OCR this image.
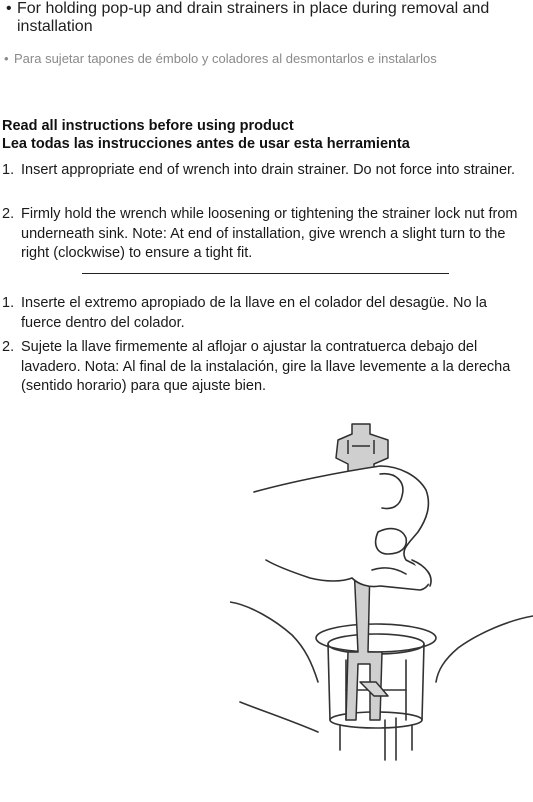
• For holding pop-up and drain strainers in place during removal and installation
• Para sujetar tapones de émbolo y coladores al desmontarlos e instalarlos
Read all instructions before using product
Lea todas las instrucciones antes de usar esta herramienta
1. Insert appropriate end of wrench into drain strainer. Do not force into strainer.
2. Firmly hold the wrench while loosening or tightening the strainer lock nut from underneath sink. Note: At end of installation, give wrench a slight turn to the right (clockwise) to ensure a tight fit.
1. Inserte el extremo apropiado de la llave en el colador del desagüe. No la fuerce dentro del colador.
2. Sujete la llave firmemente al aflojar o ajustar la contratuerca debajo del lavadero. Nota: Al final de la instalación, gire la llave levemente a la derecha (sentido horario) para que ajuste bien.
